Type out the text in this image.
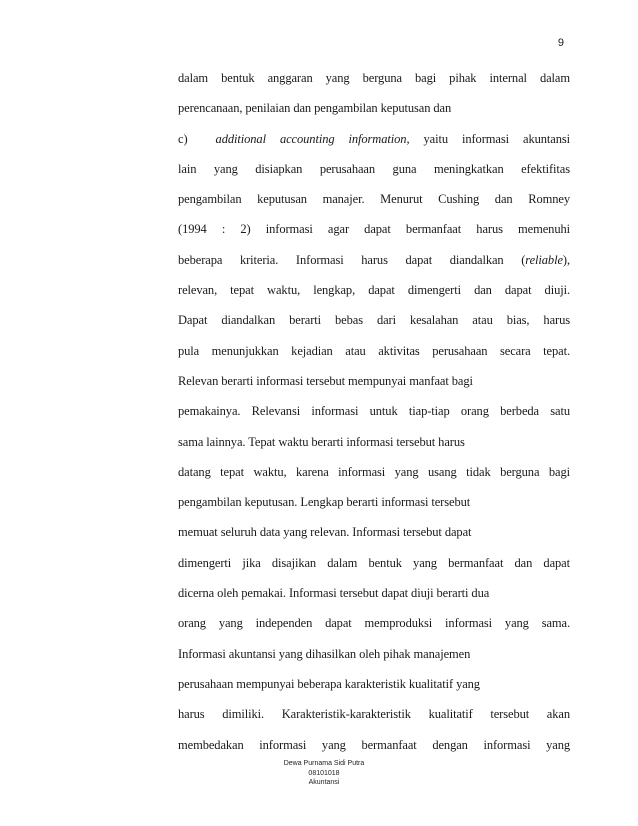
9
dalam bentuk anggaran yang berguna bagi pihak internal dalam
perencanaan, penilaian dan pengambilan keputusan dan
c) additional accounting information, yaitu informasi akuntansi
lain yang disiapkan perusahaan guna meningkatkan efektifitas
pengambilan keputusan manajer. Menurut Cushing dan Romney
(1994 : 2) informasi agar dapat bermanfaat harus memenuhi
beberapa kriteria. Informasi harus dapat diandalkan (reliable),
relevan, tepat waktu, lengkap, dapat dimengerti dan dapat diuji.
Dapat diandalkan berarti bebas dari kesalahan atau bias, harus
pula menunjukkan kejadian atau aktivitas perusahaan secara tepat.
Relevan berarti informasi tersebut mempunyai manfaat bagi
pemakainya. Relevansi informasi untuk tiap-tiap orang berbeda satu
sama lainnya. Tepat waktu berarti informasi tersebut harus
datang tepat waktu, karena informasi yang usang tidak berguna bagi
pengambilan keputusan. Lengkap berarti informasi tersebut
memuat seluruh data yang relevan. Informasi tersebut dapat
dimengerti jika disajikan dalam bentuk yang bermanfaat dan dapat
dicerna oleh pemakai. Informasi tersebut dapat diuji berarti dua
orang yang independen dapat memproduksi informasi yang sama.
Informasi akuntansi yang dihasilkan oleh pihak manajemen
perusahaan mempunyai beberapa karakteristik kualitatif yang
harus dimiliki. Karakteristik-karakteristik kualitatif tersebut akan
membedakan informasi yang bermanfaat dengan informasi yang
Dewa Purnama Sidi Putra
08101018
Akuntansi
